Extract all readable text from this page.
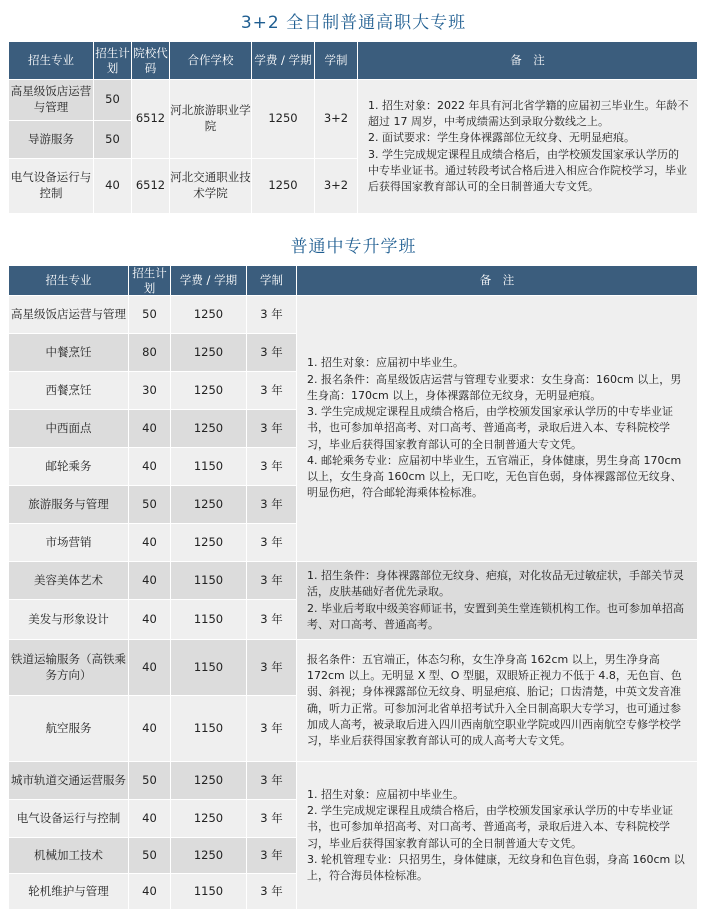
3+2 全日制普通高职大专班
招生专业	招生计划	院校代码	合作学校	学费 / 学期	学制	备　注
高星级饭店运营与管理	50	6512	河北旅游职业学院	1250	3+2	1. 招生对象：2022 年具有河北省学籍的应届初三毕业生。年龄不超过 17 周岁，中考成绩需达到录取分数线之上。

2. 面试要求：学生身体裸露部位无纹身、无明显疤痕。

3. 学生完成规定课程且成绩合格后，由学校颁发国家承认学历的中专毕业证书。通过转段考试合格后进入相应合作院校学习，毕业后获得国家教育部认可的全日制普通大专文凭。

导游服务	50					
电气设备运行与控制	40	6512	河北交通职业技术学院	1250	3+2	
普通中专升学班
招生专业	招生计划	学费 / 学期	学制	备　注
高星级饭店运营与管理	50	1250	3 年	1. 招生对象：应届初中毕业生。

2. 报名条件：高星级饭店运营与管理专业要求：女生身高：160cm 以上，男生身高：170cm 以上，身体裸露部位无纹身，无明显疤痕。

3. 学生完成规定课程且成绩合格后，由学校颁发国家承认学历的中专毕业证书，也可参加单招高考、对口高考、普通高考，录取后进入本、专科院校学习，毕业后获得国家教育部认可的全日制普通大专文凭。

4. 邮轮乘务专业：应届初中毕业生，五官端正，身体健康，男生身高 170cm 以上，女生身高 160cm 以上，无口吃，无色盲色弱，身体裸露部位无纹身、明显伤疤，符合邮轮海乘体检标准。

中餐烹饪	80	1250	3 年	
西餐烹饪	30	1250	3 年	
中西面点	40	1250	3 年	
邮轮乘务	40	1150	3 年	
旅游服务与管理	50	1250	3 年	
市场营销	40	1250	3 年	
美容美体艺术	40	1150	3 年	1. 招生条件：身体裸露部位无纹身、疤痕，对化妆品无过敏症状，手部关节灵活，皮肤基础好者优先录取。

2. 毕业后考取中级美容师证书，安置到美生堂连锁机构工作。也可参加单招高考、对口高考、普通高考。

美发与形象设计	40	1150	3 年	
铁道运输服务（高铁乘务方向）	40	1150	3 年	报名条件：五官端正，体态匀称，女生净身高 162cm 以上，男生净身高 172cm 以上。无明显 X 型、O 型腿，双眼矫正视力不低于 4.8，无色盲、色弱、斜视；身体裸露部位无纹身、明显疤痕、胎记；口齿清楚，中英文发音准确，听力正常。可参加河北省单招考试升入全日制高职大专学习，也可通过参加成人高考，被录取后进入四川西南航空职业学院或四川西南航空专修学校学习，毕业后获得国家教育部认可的成人高考大专文凭。

航空服务	40	1150	3 年	
城市轨道交通运营服务	50	1250	3 年	1. 招生对象：应届初中毕业生。

2. 学生完成规定课程且成绩合格后，由学校颁发国家承认学历的中专毕业证书，也可参加单招高考、对口高考、普通高考，录取后进入本、专科院校学习，毕业后获得国家教育部认可的全日制普通大专文凭。

3. 轮机管理专业：只招男生，身体健康，无纹身和色盲色弱，身高 160cm 以上，符合海员体检标准。

电气设备运行与控制	40	1250	3 年	
机械加工技术	50	1250	3 年	
轮机维护与管理	40	1150	3 年	
